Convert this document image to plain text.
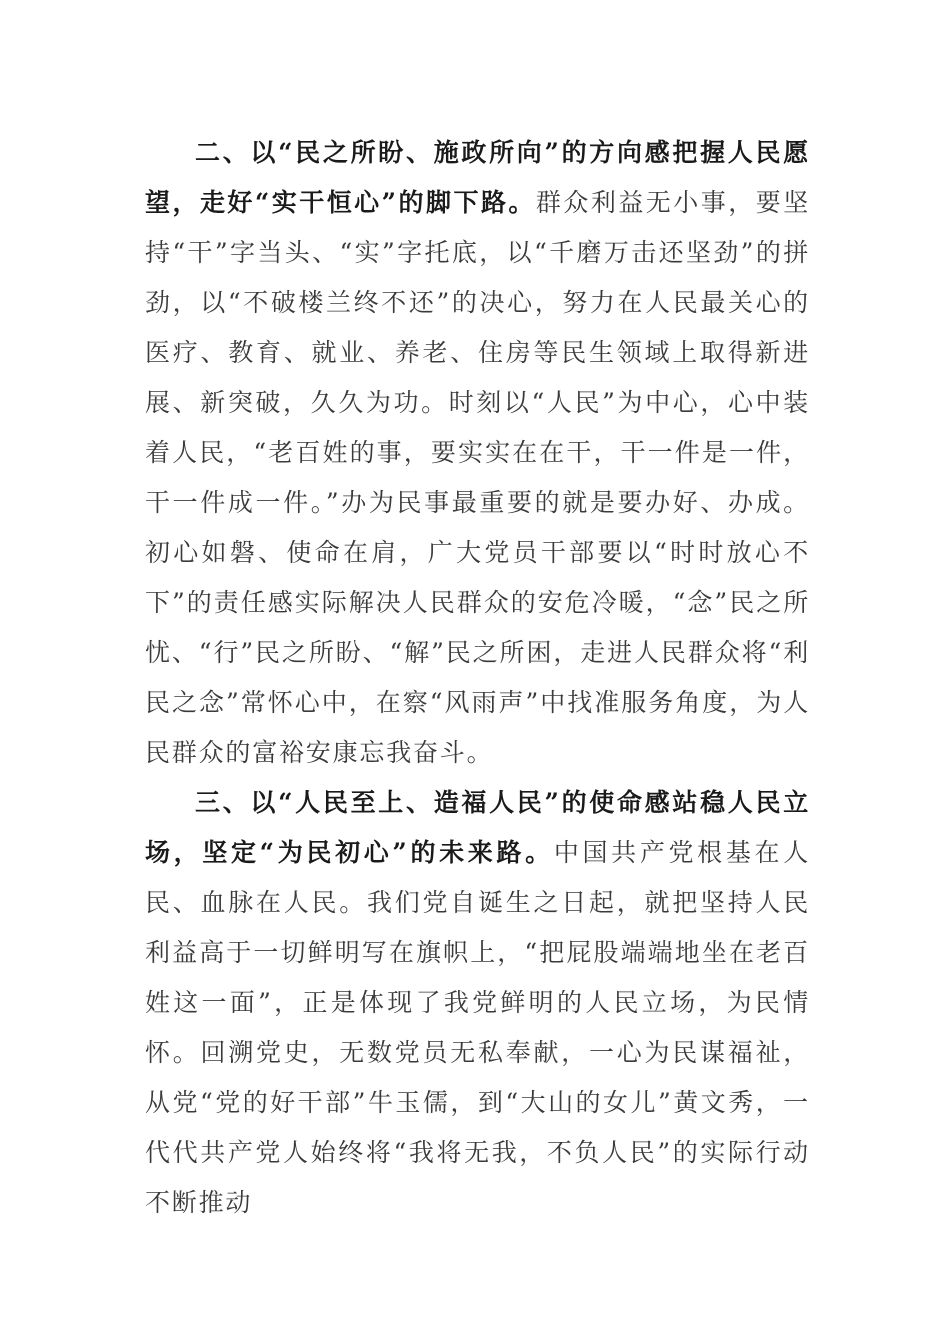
二、以“民之所盼、施政所向”的方向感把握人民愿望，走好“实干恒心”的脚下路。群众利益无小事，要坚持“干”字当头、“实”字托底，以“千磨万击还坚劲”的拼劲，以“不破楼兰终不还”的决心，努力在人民最关心的医疗、教育、就业、养老、住房等民生领域上取得新进展、新突破，久久为功。时刻以“人民”为中心，心中装着人民，“老百姓的事，要实实在在干，干一件是一件，干一件成一件。”办为民事最重要的就是要办好、办成。初心如磐、使命在肩，广大党员干部要以“时时放心不下”的责任感实际解决人民群众的安危冷暖，“念”民之所忧、“行”民之所盼、“解”民之所困，走进人民群众将“利民之念”常怀心中，在察“风雨声”中找准服务角度，为人民群众的富裕安康忘我奋斗。

三、以“人民至上、造福人民”的使命感站稳人民立场，坚定“为民初心”的未来路。中国共产党根基在人民、血脉在人民。我们党自诞生之日起，就把坚持人民利益高于一切鲜明写在旗帜上，“把屁股端端地坐在老百姓这一面”，正是体现了我党鲜明的人民立场，为民情怀。回溯党史，无数党员无私奉献，一心为民谋福祉，从党“党的好干部”牛玉儒，到“大山的女儿”黄文秀，一代代共产党人始终将“我将无我，不负人民”的实际行动不断推动
